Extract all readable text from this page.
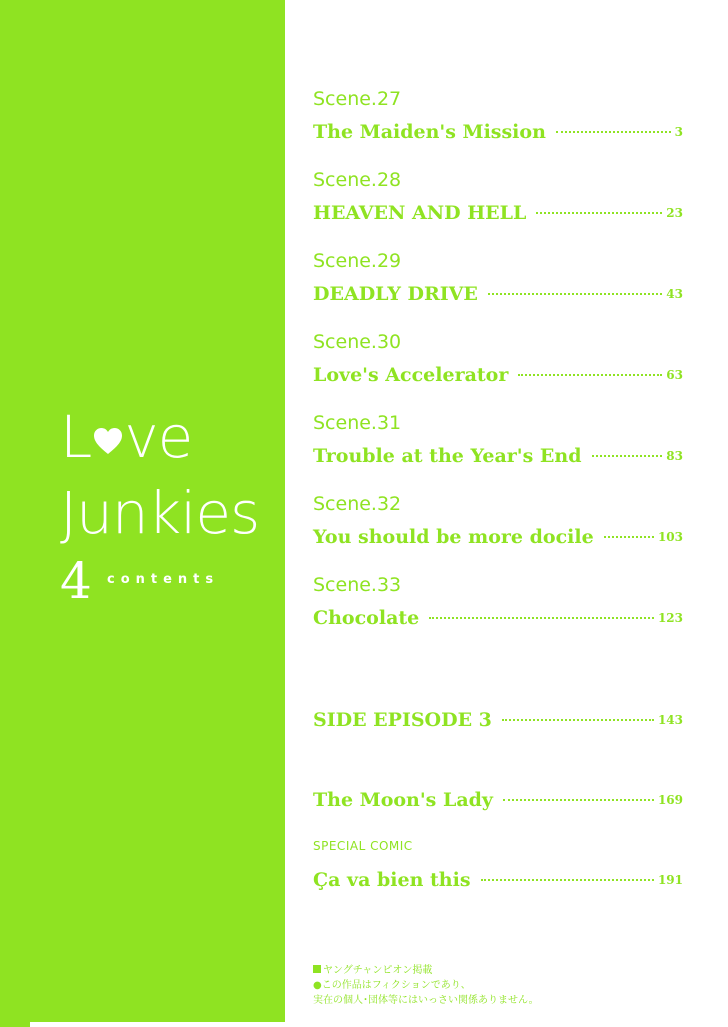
L ve
Junkies
4 contents
Scene.27
The Maiden's Mission	3
Scene.28
HEAVEN AND HELL	23
Scene.29
DEADLY DRIVE	43
Scene.30
Love's Accelerator	63
Scene.31
Trouble at the Year's End	83
Scene.32
You should be more docile	103
Scene.33
Chocolate	123
SIDE EPISODE 3	143
The Moon's Lady	169
SPECIAL COMIC
Ça va bien this	191
ヤングチャンピオン掲載
●この作品はフィクションであり、
実在の個人･団体等にはいっさい関係ありません。
